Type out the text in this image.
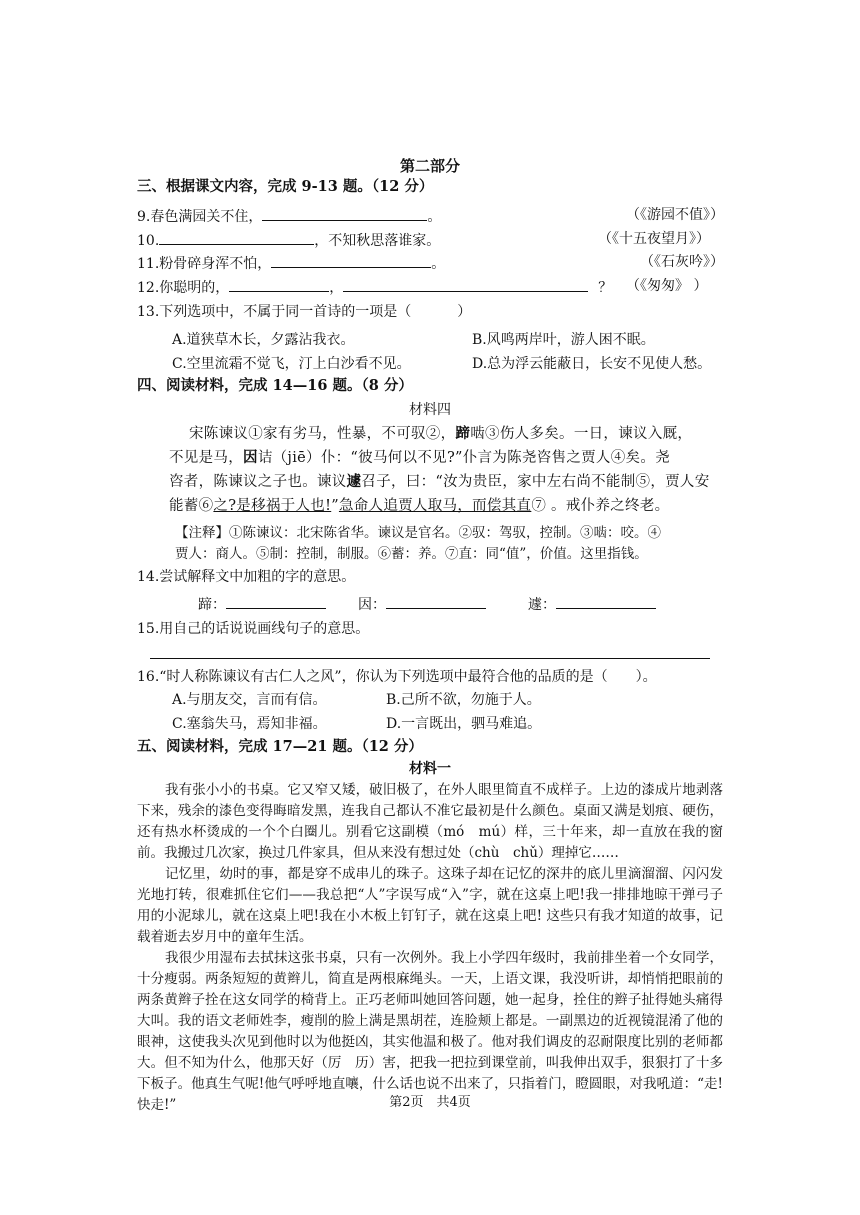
第二部分
三、根据课文内容，完成 9-13 题。（12 分）
9.春色满园关不住，	。	（《游园不值》）
10.	，不知秋思落谁家。	（《十五夜望月》）
11.粉骨碎身浑不怕，	。	（《石灰吟》）
12.你聪明的，	，	？ （《匆匆》 ）
13.下列选项中，不属于同一首诗的一项是（	）
A.道狭草木长，夕露沾我衣。	B.风鸣两岸叶，游人困不眠。
C.空里流霜不觉飞，汀上白沙看不见。	D.总为浮云能蔽日，长安不见使人愁。
四、阅读材料，完成 14—16 题。（8 分）
材料四
宋陈谏议①家有劣马，性暴，不可驭②，蹄啮③伤人多矣。一日，谏议入厩，
不见是马，因诘（jiē）仆：“彼马何以不见?”仆言为陈尧咨售之贾人④矣。尧
咨者，陈谏议之子也。谏议遽召子，曰：“汝为贵臣，家中左右尚不能制⑤，贾人安
能蓄⑥之?是移祸于人也!”急命人追贾人取马，而偿其直⑦ 。戒仆养之终老。
【注释】①陈谏议：北宋陈省华。谏议是官名。②驭：驾驭，控制。③啮：咬。④
贾人：商人。⑤制：控制，制服。⑥蓄：养。⑦直：同“值”，价值。这里指钱。
14.尝试解释文中加粗的字的意思。
蹄：	因：	遽：
15.用自己的话说说画线句子的意思。
16.“时人称陈谏议有古仁人之风”，你认为下列选项中最符合他的品质的是（　　）。
A.与朋友交，言而有信。	B.己所不欲，勿施于人。
C.塞翁失马，焉知非福。	D.一言既出，驷马难追。
五、阅读材料，完成 17—21 题。（12 分）
材料一
我有张小小的书桌。它又窄又矮，破旧极了，在外人眼里简直不成样子。上边的漆成片地剥落下来，残余的漆色变得晦暗发黑，连我自己都认不准它最初是什么颜色。桌面又满是划痕、硬伤，还有热水杯烫成的一个个白圈儿。别看它这副模（mó　mú）样，三十年来，却一直放在我的窗前。我搬过几次家，换过几件家具，但从来没有想过处（chù　chǔ）理掉它……
记忆里，幼时的事，都是穿不成串儿的珠子。这珠子却在记忆的深井的底儿里滴溜溜、闪闪发光地打转，很难抓住它们——我总把“人”字误写成“入”字，就在这桌上吧!我一排排地晾干弹弓子用的小泥球儿，就在这桌上吧!我在小木板上钉钉子，就在这桌上吧! 这些只有我才知道的故事，记载着逝去岁月中的童年生活。
我很少用湿布去拭抹这张书桌，只有一次例外。我上小学四年级时，我前排坐着一个女同学，十分瘦弱。两条短短的黄辫儿，简直是两根麻绳头。一天，上语文课，我没听讲，却悄悄把眼前的两条黄辫子拴在这女同学的椅背上。正巧老师叫她回答问题，她一起身，拴住的辫子扯得她头痛得大叫。我的语文老师姓李，瘦削的脸上满是黑胡茬，连脸颊上都是。一副黑边的近视镜混淆了他的眼神，这使我头次见到他时以为他挺凶，其实他温和极了。他对我们调皮的忍耐限度比别的老师都大。但不知为什么，他那天好（厉　历）害，把我一把拉到课堂前，叫我伸出双手，狠狠打了十多下板子。他真生气呢!他气呼呼地直嚷，什么话也说不出来了，只指着门，瞪圆眼，对我吼道：“走!快走!”	第2页　共4页
